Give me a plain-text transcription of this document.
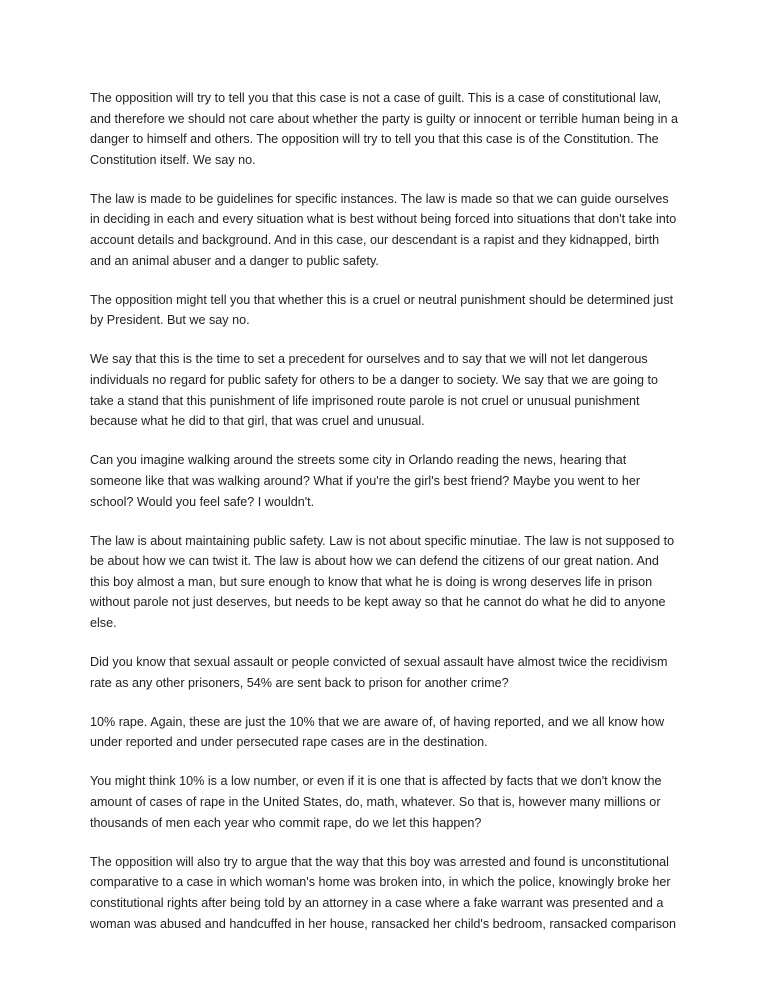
The opposition will try to tell you that this case is not a case of guilt. This is a case of constitutional law, and therefore we should not care about whether the party is guilty or innocent or terrible human being in a danger to himself and others. The opposition will try to tell you that this case is of the Constitution. The Constitution itself. We say no.

The law is made to be guidelines for specific instances. The law is made so that we can guide ourselves in deciding in each and every situation what is best without being forced into situations that don't take into account details and background. And in this case, our descendant is a rapist and they kidnapped, birth and an animal abuser and a danger to public safety.

The opposition might tell you that whether this is a cruel or neutral punishment should be determined just by President. But we say no.

We say that this is the time to set a precedent for ourselves and to say that we will not let dangerous individuals no regard for public safety for others to be a danger to society. We say that we are going to take a stand that this punishment of life imprisoned route parole is not cruel or unusual punishment because what he did to that girl, that was cruel and unusual.

Can you imagine walking around the streets some city in Orlando reading the news, hearing that someone like that was walking around? What if you're the girl's best friend? Maybe you went to her school? Would you feel safe? I wouldn't.

The law is about maintaining public safety. Law is not about specific minutiae. The law is not supposed to be about how we can twist it. The law is about how we can defend the citizens of our great nation. And this boy almost a man, but sure enough to know that what he is doing is wrong deserves life in prison without parole not just deserves, but needs to be kept away so that he cannot do what he did to anyone else.

Did you know that sexual assault or people convicted of sexual assault have almost twice the recidivism rate as any other prisoners, 54% are sent back to prison for another crime?

10% rape. Again, these are just the 10% that we are aware of, of having reported, and we all know how under reported and under persecuted rape cases are in the destination.

You might think 10% is a low number, or even if it is one that is affected by facts that we don't know the amount of cases of rape in the United States, do, math, whatever. So that is, however many millions or thousands of men each year who commit rape, do we let this happen?

The opposition will also try to argue that the way that this boy was arrested and found is unconstitutional comparative to a case in which woman's home was broken into, in which the police, knowingly broke her constitutional rights after being told by an attorney in a case where a fake warrant was presented and a woman was abused and handcuffed in her house, ransacked her child's bedroom, ransacked comparison
